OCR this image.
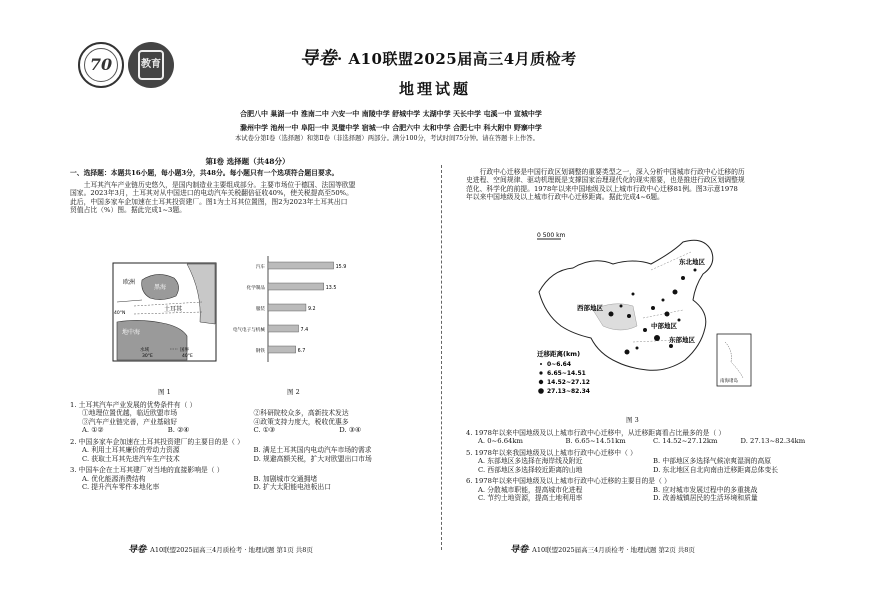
70	教育	导卷· A10联盟2025届高三4月质检考
地理试题
合肥八中 巢湖一中 淮南二中 六安一中 南陵中学 舒城中学 太湖中学 天长中学 屯溪一中 宣城中学
滁州中学 池州一中 阜阳一中 灵璧中学 宿城一中 合肥六中 太和中学 合肥七中 科大附中 野寨中学
本试卷分第Ⅰ卷（选择题）和第Ⅱ卷（非选择题）两部分。满分100分，考试时间75分钟。请在答题卡上作答。

第Ⅰ卷 选择题（共48分）

一、选择题：本题共16小题，每小题3分，共48分。每小题只有一个选项符合题目要求。

土耳其汽车产业链历史悠久，是国内制造业主要组成部分。主要市场位于德国、法国等欧盟

国家。2023年3月，土耳其对从中国进口的电动汽车关税翻倍征收40%，使关税提高至50%。

此后，中国多家车企加速在土耳其投资建厂。图1为土耳其位置图，图2为2023年土耳其出口

贸值占比（%）图。据此完成1~3题。

欧洲
黑海
土耳其
地中海
30°E	40°E
40°N
水域	国界
图 1
汽车	15.9
化学制品	13.5
服装	9.2
电气电子与机械	7.4
钢铁	6.7
图 2

1. 土耳其汽车产业发展的优势条件有（ ）

①地理位置优越，临近欧盟市场	②科研院校众多，高新技术发达
③汽车产业链完善，产业基础好	④政策支持力度大，税收优惠多
A. ①②	B. ②④	C. ①③	D. ③④

2. 中国多家车企加速在土耳其投资建厂的主要目的是（ ）

A. 利用土耳其廉价的劳动力资源	B. 满足土耳其国内电动汽车市场的需求
C. 获取土耳其先进汽车生产技术	D. 规避高额关税，扩大对欧盟出口市场

3. 中国车企在土耳其建厂对当地的直接影响是（ ）

A. 优化能源消费结构	B. 加剧城市交通拥堵
C. 提升汽车零件本地化率	D. 扩大太阳能电池板出口

行政中心迁移是中国行政区划调整的重要类型之一，深入分析中国城市行政中心迁移的历

史进程、空间规律、驱动机理既是支撑国家治理现代化的现实需要，也是推进行政区划调整规

范化、科学化的前提。1978年以来中国地级及以上城市行政中心迁移81例。图3示意1978

年以来中国地级及以上城市行政中心迁移距离。据此完成4~6题。

0 500 km
东北地区
西部地区
中部地区
东部地区
南海诸岛
迁移距离(km)
0~6.64
6.65~14.51
14.52~27.12
27.13~82.34
图 3

4. 1978年以来中国地级及以上城市行政中心迁移中，从迁移距离看占比最多的是（ ）

A. 0~6.64km	B. 6.65~14.51km	C. 14.52~27.12km	D. 27.13~82.34km

5. 1978年以来我国地级及以上城市行政中心迁移中（ ）

A. 东部地区多选择在海岸线及附近	B. 中部地区多选择气候凉爽湿润的高原
C. 西部地区多选择较近距离的山地	D. 东北地区自北向南由迁移距离总体变长

6. 1978年以来中国地级及以上城市行政中心迁移的主要目的是（ ）

A. 分散城市职能，提高城市化进程	B. 应对城市发展过程中的多重挑战
C. 节约土地资源，提高土地利用率	D. 改善城镇居民的生活环境和质量
导卷· A10联盟2025届高三4月质检考 · 地理试题 第1页 共8页	导卷· A10联盟2025届高三4月质检考 · 地理试题 第2页 共8页
